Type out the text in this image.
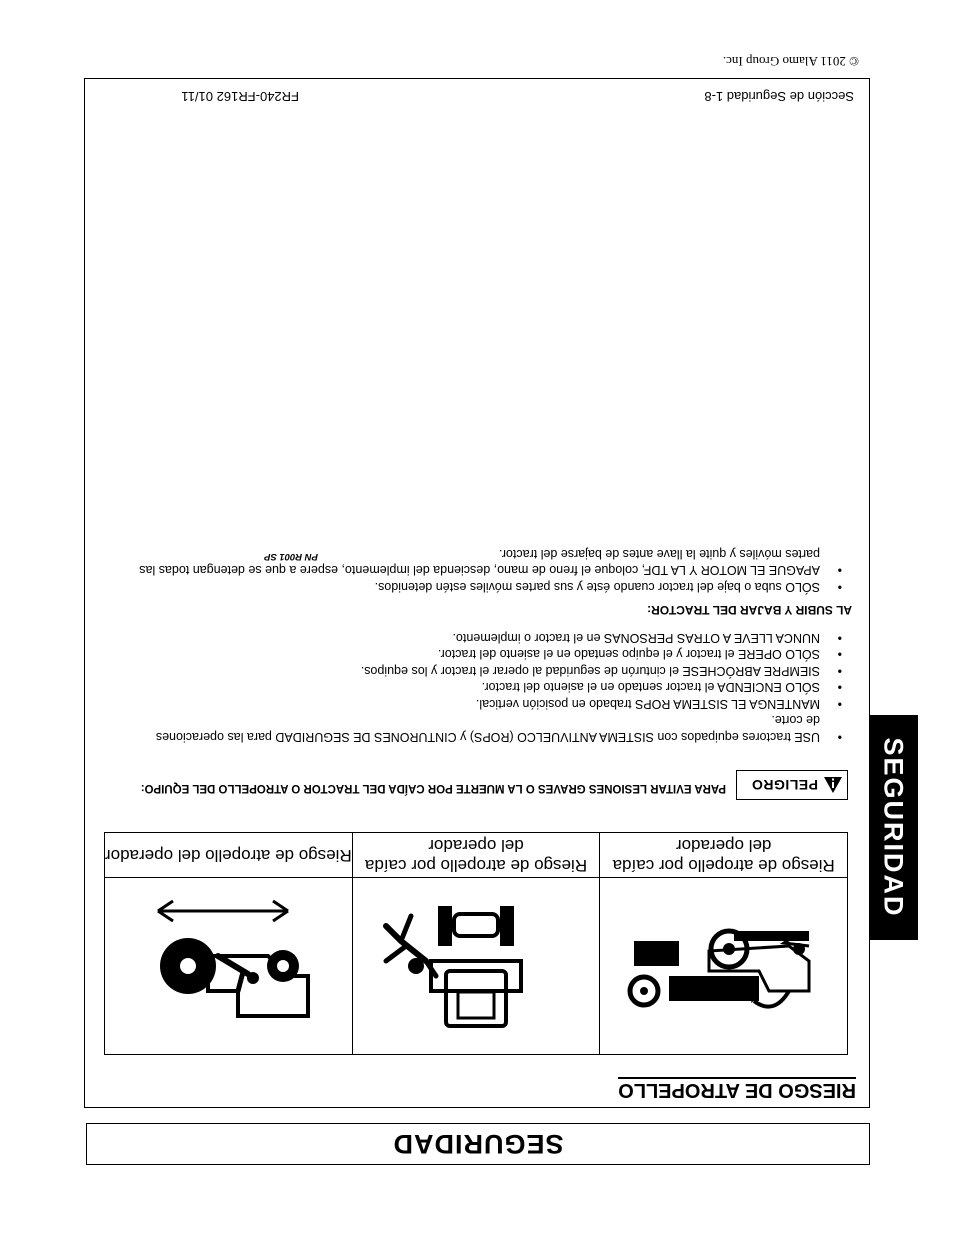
SEGURIDAD
RIESGO DE ATROPELLO

Riesgo de atropello por caída del operador	Riesgo de atropello por caída del operador	Riesgo de atropello del operador
PELIGRO
PARA EVITAR LESIONES GRAVES O LA MUERTE POR CAÍDA DEL TRACTOR O ATROPELLO DEL EQUIPO:
• USE tractores equipados con SISTEMA ANTIVUELCO (ROPS) y CINTURONES DE SEGURIDAD para las operaciones de corte.
• MANTENGA EL SISTEMA ROPS trabado en posición vertical.
• SÓLO ENCIENDA el tractor sentado en el asiento del tractor.
• SIEMPRE ABRÓCHESE el cinturón de seguridad al operar el tractor y los equipos.
• SÓLO OPERE el tractor y el equipo sentado en el asiento del tractor.
• NUNCA LLEVE A OTRAS PERSONAS en el tractor o implemento.
AL SUBIR Y BAJAR DEL TRACTOR:
• SÓLO suba o baje del tractor cuando éste y sus partes móviles estén detenidos.
• APAGUE EL MOTOR Y LA TDF, coloque el freno de mano, descienda del implemento, espere a que se detengan todas las partes móviles y quite la llave antes de bajarse del tractor.
PN R001 SP
Sección de Seguridad 1-8
FR240-FR162 01/11
© 2011 Alamo Group Inc.
SEGURIDAD
